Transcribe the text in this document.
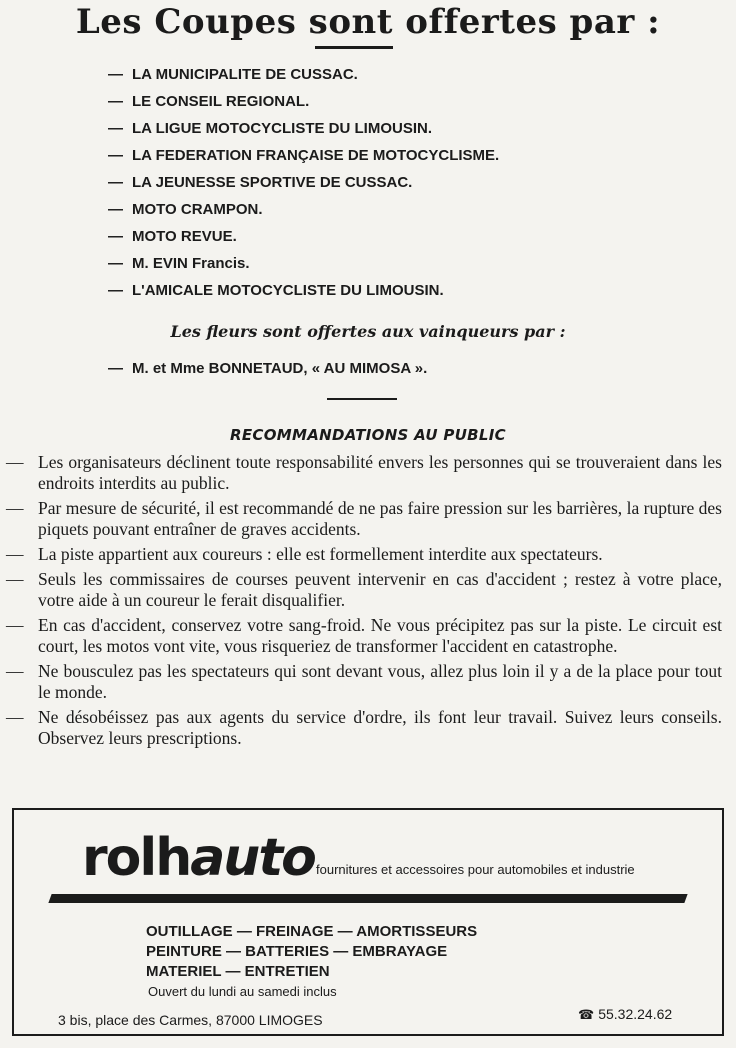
Les Coupes sont offertes par :
— LA MUNICIPALITE DE CUSSAC.
— LE CONSEIL REGIONAL.
— LA LIGUE MOTOCYCLISTE DU LIMOUSIN.
— LA FEDERATION FRANÇAISE DE MOTOCYCLISME.
— LA JEUNESSE SPORTIVE DE CUSSAC.
— MOTO CRAMPON.
— MOTO REVUE.
— M. EVIN Francis.
— L'AMICALE MOTOCYCLISTE DU LIMOUSIN.
Les fleurs sont offertes aux vainqueurs par :
— M. et Mme BONNETAUD, « AU MIMOSA ».
RECOMMANDATIONS AU PUBLIC
— Les organisateurs déclinent toute responsabilité envers les personnes qui se trouveraient dans les endroits interdits au public.
— Par mesure de sécurité, il est recommandé de ne pas faire pression sur les barrières, la rupture des piquets pouvant entraîner de graves accidents.
— La piste appartient aux coureurs : elle est formellement interdite aux spectateurs.
— Seuls les commissaires de courses peuvent intervenir en cas d'accident ; restez à votre place, votre aide à un coureur le ferait disqualifier.
— En cas d'accident, conservez votre sang-froid. Ne vous précipitez pas sur la piste. Le circuit est court, les motos vont vite, vous risqueriez de transformer l'accident en catastrophe.
— Ne bousculez pas les spectateurs qui sont devant vous, allez plus loin il y a de la place pour tout le monde.
— Ne désobéissez pas aux agents du service d'ordre, ils font leur travail. Suivez leurs conseils. Observez leurs prescriptions.
rolhauto fournitures et accessoires pour automobiles et industrie
OUTILLAGE — FREINAGE — AMORTISSEURS
PEINTURE — BATTERIES — EMBRAYAGE
MATERIEL — ENTRETIEN
Ouvert du lundi au samedi inclus
3 bis, place des Carmes, 87000 LIMOGES	☎ 55.32.24.62
